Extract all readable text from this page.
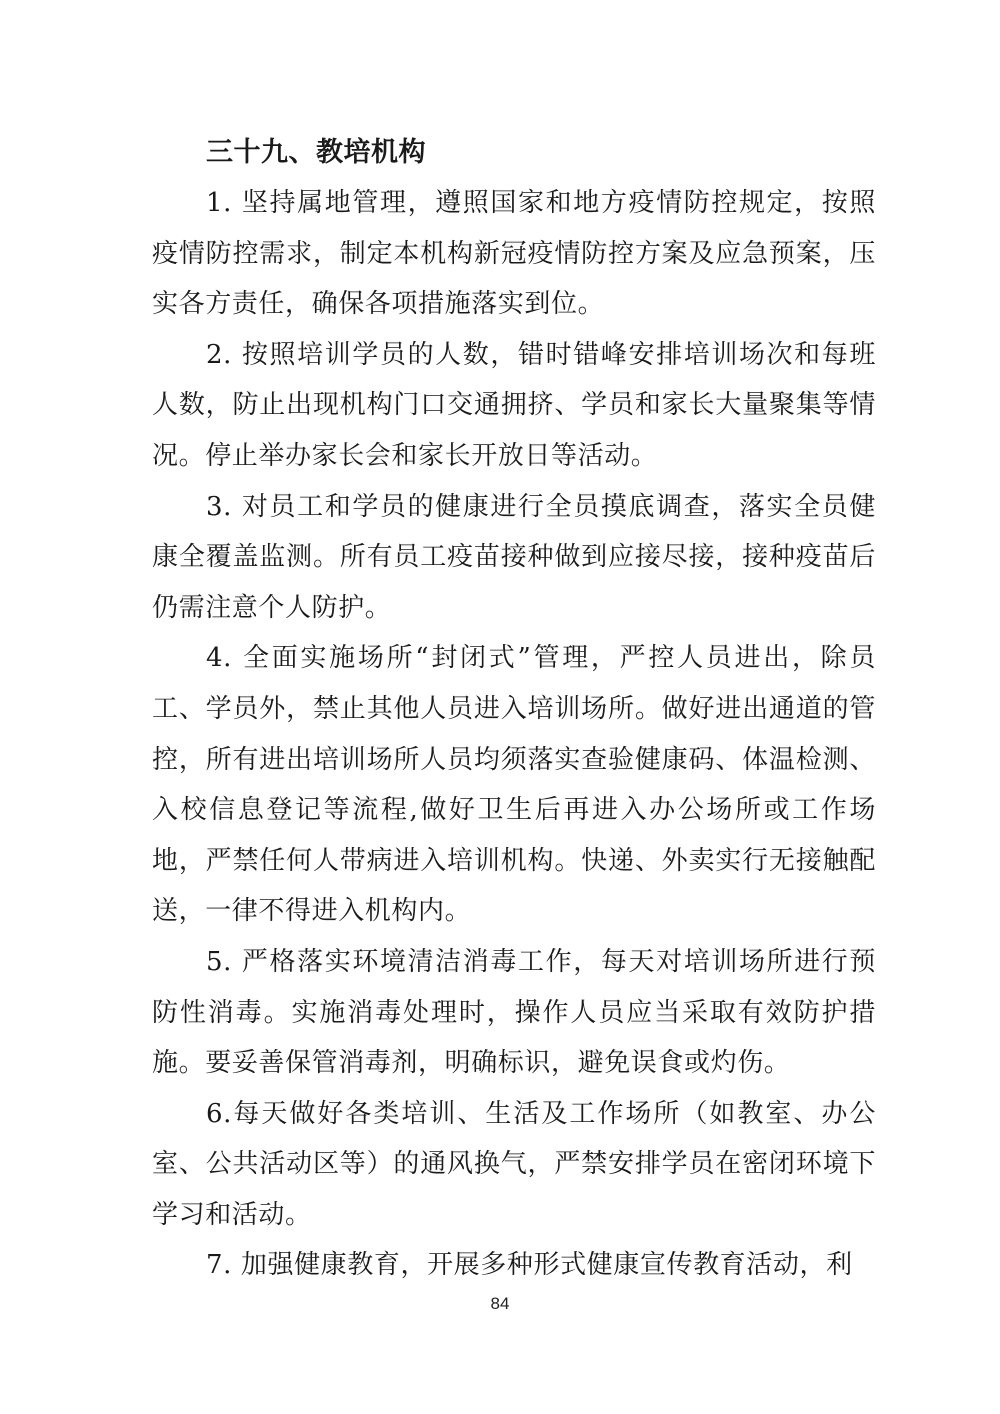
三十九、教培机构

1. 坚持属地管理，遵照国家和地方疫情防控规定，按照疫情防控需求，制定本机构新冠疫情防控方案及应急预案，压实各方责任，确保各项措施落实到位。

2. 按照培训学员的人数，错时错峰安排培训场次和每班人数，防止出现机构门口交通拥挤、学员和家长大量聚集等情况。停止举办家长会和家长开放日等活动。

3. 对员工和学员的健康进行全员摸底调查，落实全员健康全覆盖监测。所有员工疫苗接种做到应接尽接，接种疫苗后仍需注意个人防护。

4. 全面实施场所“封闭式”管理，严控人员进出，除员工、学员外，禁止其他人员进入培训场所。做好进出通道的管控，所有进出培训场所人员均须落实查验健康码、体温检测、入校信息登记等流程,做好卫生后再进入办公场所或工作场地，严禁任何人带病进入培训机构。快递、外卖实行无接触配送，一律不得进入机构内。

5. 严格落实环境清洁消毒工作，每天对培训场所进行预防性消毒。实施消毒处理时，操作人员应当采取有效防护措施。要妥善保管消毒剂，明确标识，避免误食或灼伤。

6.每天做好各类培训、生活及工作场所（如教室、办公室、公共活动区等）的通风换气，严禁安排学员在密闭环境下学习和活动。

7. 加强健康教育，开展多种形式健康宣传教育活动，利

84
